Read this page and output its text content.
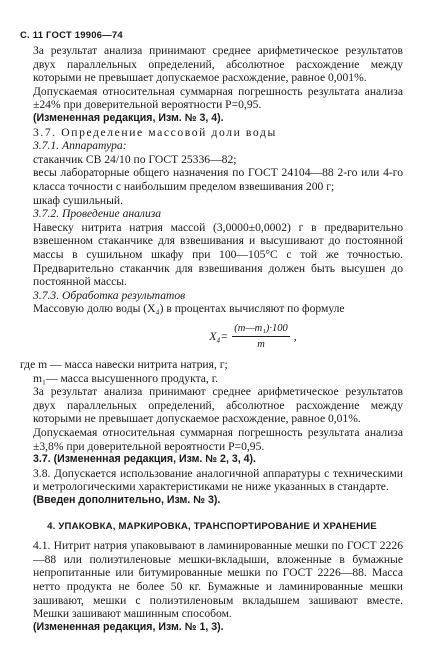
С. 11 ГОСТ 19906—74

За результат анализа принимают среднее арифметическое результатов двух параллельных определений, абсолютное расхождение между которыми не превышает допускаемое расхождение, равное 0,001%.

Допускаемая относительная суммарная погрешность результата анализа ±24% при доверительной вероятности P=0,95.

(Измененная редакция, Изм. № 3, 4).

3.7. Определение массовой доли воды

3.7.1. Аппаратура:

стаканчик СВ 24/10 по ГОСТ 25336—82;

весы лабораторные общего назначения по ГОСТ 24104—88 2-го или 4-го класса точности с наибольшим пределом взвешивания 200 г;

шкаф сушильный.

3.7.2. Проведение анализа

Навеску нитрита натрия массой (3,0000±0,0002) г в предварительно взвешенном стаканчике для взвешивания и высушивают до постоянной массы в сушильном шкафу при 100—105°С с той же точностью. Предварительно стаканчик для взвешивания должен быть высушен до постоянной массы.

3.7.3. Обработка результатов

Массовую долю воды (X₄) в процентах вычисляют по формуле

$X_4= \frac{\text{(m—m₁)·100}}{m}$ ,

где m — масса навески нитрита натрия, г;

m₁— масса высушенного продукта, г.

За результат анализа принимают среднее арифметическое результатов двух параллельных определений, абсолютное расхождение между которыми не превышает допускаемое расхождение, равное 0,01%.

Допускаемая относительная суммарная погрешность результата анализа ±3,8% при доверительной вероятности P=0,95.

3.7. (Измененная редакция, Изм. № 2, 3, 4).

3.8. Допускается использование аналогичной аппаратуры с техническими и метрологическими характеристиками не ниже указанных в стандарте.

(Введен дополнительно, Изм. № 3).

4. УПАКОВКА, МАРКИРОВКА, ТРАНСПОРТИРОВАНИЕ И ХРАНЕНИЕ

4.1. Нитрит натрия упаковывают в ламинированные мешки по ГОСТ 2226—88 или полиэтиленовые мешки-вкладыши, вложенные в бумажные непропитанные или битумированные мешки по ГОСТ 2226—88. Масса нетто продукта не более 50 кг. Бумажные и ламинированные мешки зашивают, мешки с полиэтиленовым вкладышем зашивают вместе. Мешки зашивают машинным способом.

(Измененная редакция, Изм. № 1, 3).
